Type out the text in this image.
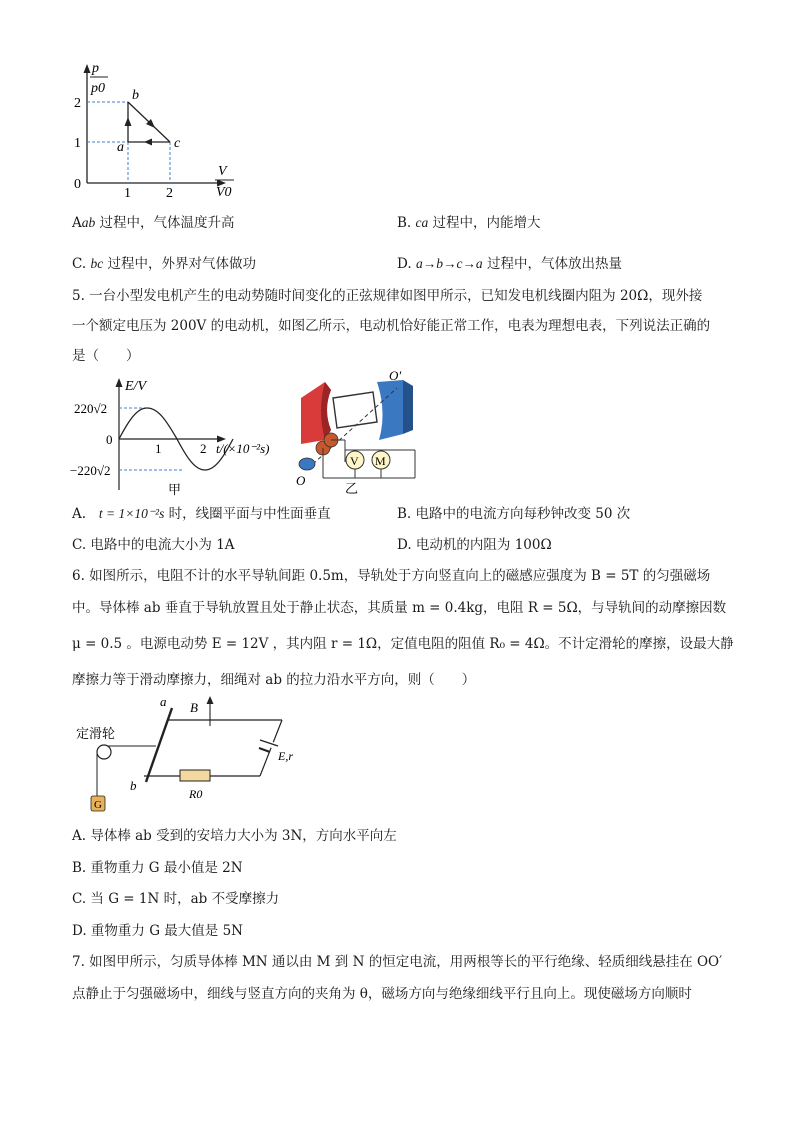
p
p0
2
1
0
1	2
V
V0
b
a	c
Aab 过程中，气体温度升高	B. ca 过程中，内能增大
C. bc 过程中，外界对气体做功	D. a→b→c→a 过程中，气体放出热量
5. 一台小型发电机产生的电动势随时间变化的正弦规律如图甲所示，已知发电机线圈内阻为 20Ω，现外接
一个额定电压为 200V 的电动机，如图乙所示，电动机恰好能正常工作，电表为理想电表，下列说法正确的
是（　　）
E/V
220√2
0
−220√2
1	2 t/(×10⁻²s)
甲
V M
O′
O
乙
A. t = 1×10⁻²s 时，线圈平面与中性面垂直	B. 电路中的电流方向每秒钟改变 50 次
C. 电路中的电流大小为 1A	D. 电动机的内阻为 100Ω
6. 如图所示，电阻不计的水平导轨间距 0.5m，导轨处于方向竖直向上的磁感应强度为 B = 5T 的匀强磁场
中。导体棒 ab 垂直于导轨放置且处于静止状态，其质量 m = 0.4kg，电阻 R = 5Ω，与导轨间的动摩擦因数
μ = 0.5 。电源电动势 E = 12V ，其内阻 r = 1Ω，定值电阻的阻值 R₀ = 4Ω。不计定滑轮的摩擦，设最大静
摩擦力等于滑动摩擦力，细绳对 ab 的拉力沿水平方向，则（　　）
定滑轮
G
B
a
b
R0
E,r
A. 导体棒 ab 受到的安培力大小为 3N，方向水平向左
B. 重物重力 G 最小值是 2N
C. 当 G = 1N 时，ab 不受摩擦力
D. 重物重力 G 最大值是 5N
7. 如图甲所示，匀质导体棒 MN 通以由 M 到 N 的恒定电流，用两根等长的平行绝缘、轻质细线悬挂在 OO′
点静止于匀强磁场中，细线与竖直方向的夹角为 θ，磁场方向与绝缘细线平行且向上。现使磁场方向顺时
